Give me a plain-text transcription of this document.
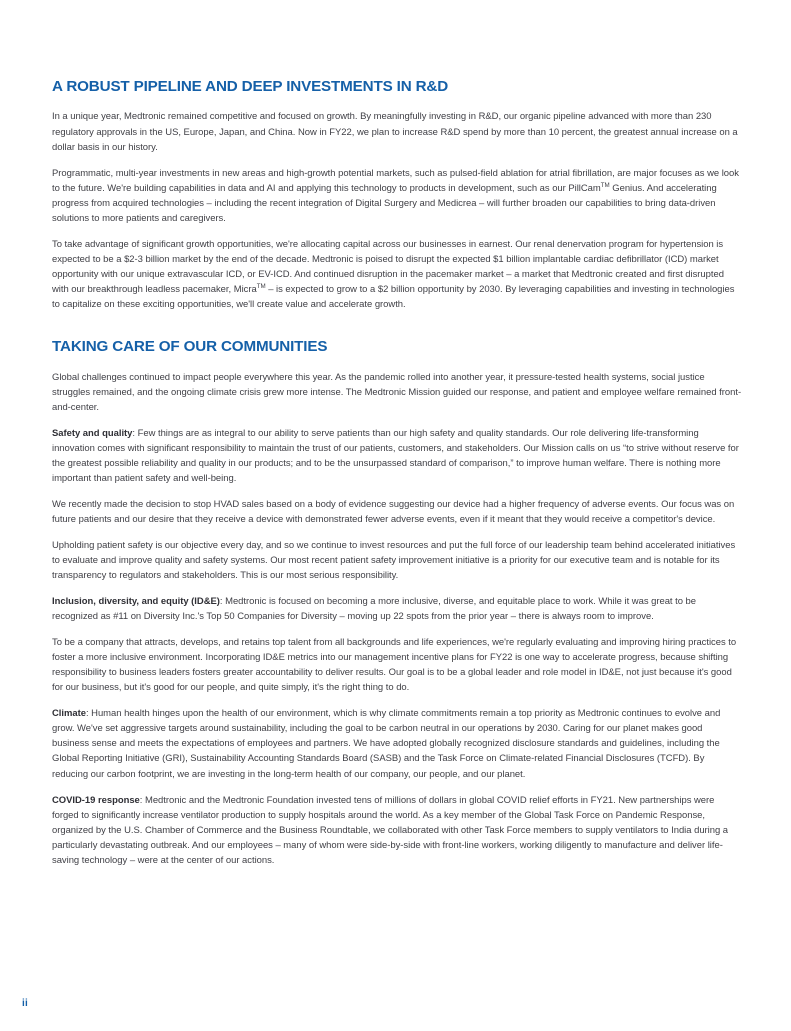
A ROBUST PIPELINE AND DEEP INVESTMENTS IN R&D

In a unique year, Medtronic remained competitive and focused on growth. By meaningfully investing in R&D, our organic pipeline advanced with more than 230 regulatory approvals in the US, Europe, Japan, and China. Now in FY22, we plan to increase R&D spend by more than 10 percent, the greatest annual increase on a dollar basis in our history.

Programmatic, multi-year investments in new areas and high-growth potential markets, such as pulsed-field ablation for atrial fibrillation, are major focuses as we look to the future. We're building capabilities in data and AI and applying this technology to products in development, such as our PillCam™ Genius. And accelerating progress from acquired technologies – including the recent integration of Digital Surgery and Medicrea – will further broaden our capabilities to bring data-driven solutions to more patients and caregivers.

To take advantage of significant growth opportunities, we're allocating capital across our businesses in earnest. Our renal denervation program for hypertension is expected to be a $2-3 billion market by the end of the decade. Medtronic is poised to disrupt the expected $1 billion implantable cardiac defibrillator (ICD) market opportunity with our unique extravascular ICD, or EV-ICD. And continued disruption in the pacemaker market – a market that Medtronic created and first disrupted with our breakthrough leadless pacemaker, Micra™ – is expected to grow to a $2 billion opportunity by 2030. By leveraging capabilities and investing in technologies to capitalize on these exciting opportunities, we'll create value and accelerate growth.

TAKING CARE OF OUR COMMUNITIES

Global challenges continued to impact people everywhere this year. As the pandemic rolled into another year, it pressure-tested health systems, social justice struggles remained, and the ongoing climate crisis grew more intense. The Medtronic Mission guided our response, and patient and employee welfare remained front-and-center.

Safety and quality: Few things are as integral to our ability to serve patients than our high safety and quality standards. Our role delivering life-transforming innovation comes with significant responsibility to maintain the trust of our patients, customers, and stakeholders. Our Mission calls on us “to strive without reserve for the greatest possible reliability and quality in our products; and to be the unsurpassed standard of comparison,” to improve human welfare. There is nothing more important than patient safety and well-being.

We recently made the decision to stop HVAD sales based on a body of evidence suggesting our device had a higher frequency of adverse events. Our focus was on future patients and our desire that they receive a device with demonstrated fewer adverse events, even if it meant that they would receive a competitor's device.

Upholding patient safety is our objective every day, and so we continue to invest resources and put the full force of our leadership team behind accelerated initiatives to evaluate and improve quality and safety systems. Our most recent patient safety improvement initiative is a priority for our executive team and is notable for its transparency to regulators and stakeholders. This is our most serious responsibility.

Inclusion, diversity, and equity (ID&E): Medtronic is focused on becoming a more inclusive, diverse, and equitable place to work. While it was great to be recognized as #11 on Diversity Inc.'s Top 50 Companies for Diversity – moving up 22 spots from the prior year – there is always room to improve.

To be a company that attracts, develops, and retains top talent from all backgrounds and life experiences, we're regularly evaluating and improving hiring practices to foster a more inclusive environment. Incorporating ID&E metrics into our management incentive plans for FY22 is one way to accelerate progress, because shifting responsibility to business leaders fosters greater accountability to deliver results. Our goal is to be a global leader and role model in ID&E, not just because it's good for our business, but it's good for our people, and quite simply, it's the right thing to do.

Climate: Human health hinges upon the health of our environment, which is why climate commitments remain a top priority as Medtronic continues to evolve and grow. We've set aggressive targets around sustainability, including the goal to be carbon neutral in our operations by 2030. Caring for our planet makes good business sense and meets the expectations of employees and partners. We have adopted globally recognized disclosure standards and guidelines, including the Global Reporting Initiative (GRI), Sustainability Accounting Standards Board (SASB) and the Task Force on Climate-related Financial Disclosures (TCFD). By reducing our carbon footprint, we are investing in the long-term health of our company, our people, and our planet.

COVID-19 response: Medtronic and the Medtronic Foundation invested tens of millions of dollars in global COVID relief efforts in FY21. New partnerships were forged to significantly increase ventilator production to supply hospitals around the world. As a key member of the Global Task Force on Pandemic Response, organized by the U.S. Chamber of Commerce and the Business Roundtable, we collaborated with other Task Force members to supply ventilators to India during a particularly devastating outbreak. And our employees – many of whom were side-by-side with front-line workers, working diligently to manufacture and deliver life-saving technology – were at the center of our actions.

ii
